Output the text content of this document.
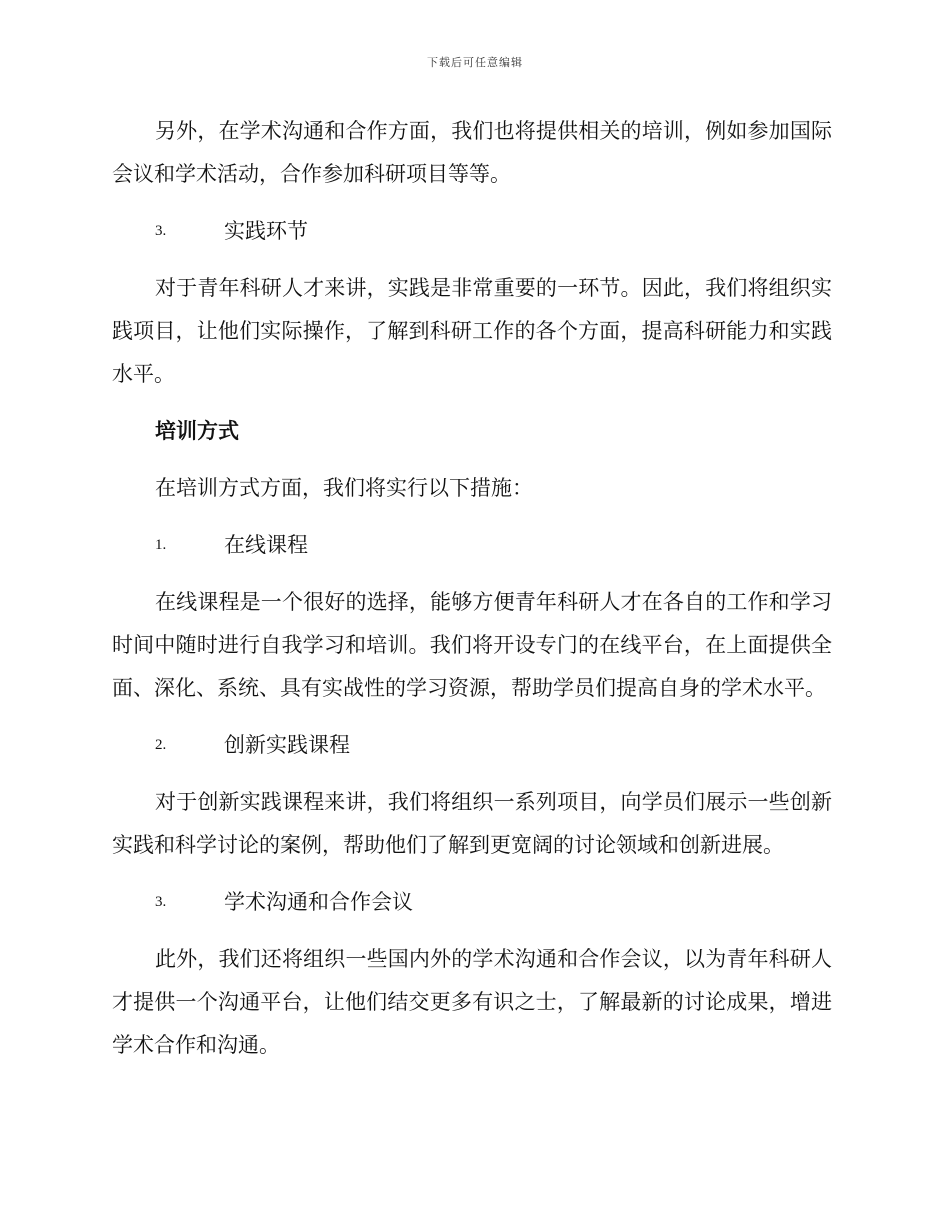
下载后可任意编辑

另外，在学术沟通和合作方面，我们也将提供相关的培训，例如参加国际会议和学术活动，合作参加科研项目等等。

3.	实践环节

对于青年科研人才来讲，实践是非常重要的一环节。因此，我们将组织实践项目，让他们实际操作，了解到科研工作的各个方面，提高科研能力和实践水平。

培训方式

在培训方式方面，我们将实行以下措施：

1.	在线课程

在线课程是一个很好的选择，能够方便青年科研人才在各自的工作和学习时间中随时进行自我学习和培训。我们将开设专门的在线平台，在上面提供全面、深化、系统、具有实战性的学习资源，帮助学员们提高自身的学术水平。

2.	创新实践课程

对于创新实践课程来讲，我们将组织一系列项目，向学员们展示一些创新实践和科学讨论的案例，帮助他们了解到更宽阔的讨论领域和创新进展。

3.	学术沟通和合作会议

此外，我们还将组织一些国内外的学术沟通和合作会议，以为青年科研人才提供一个沟通平台，让他们结交更多有识之士，了解最新的讨论成果，增进学术合作和沟通。
